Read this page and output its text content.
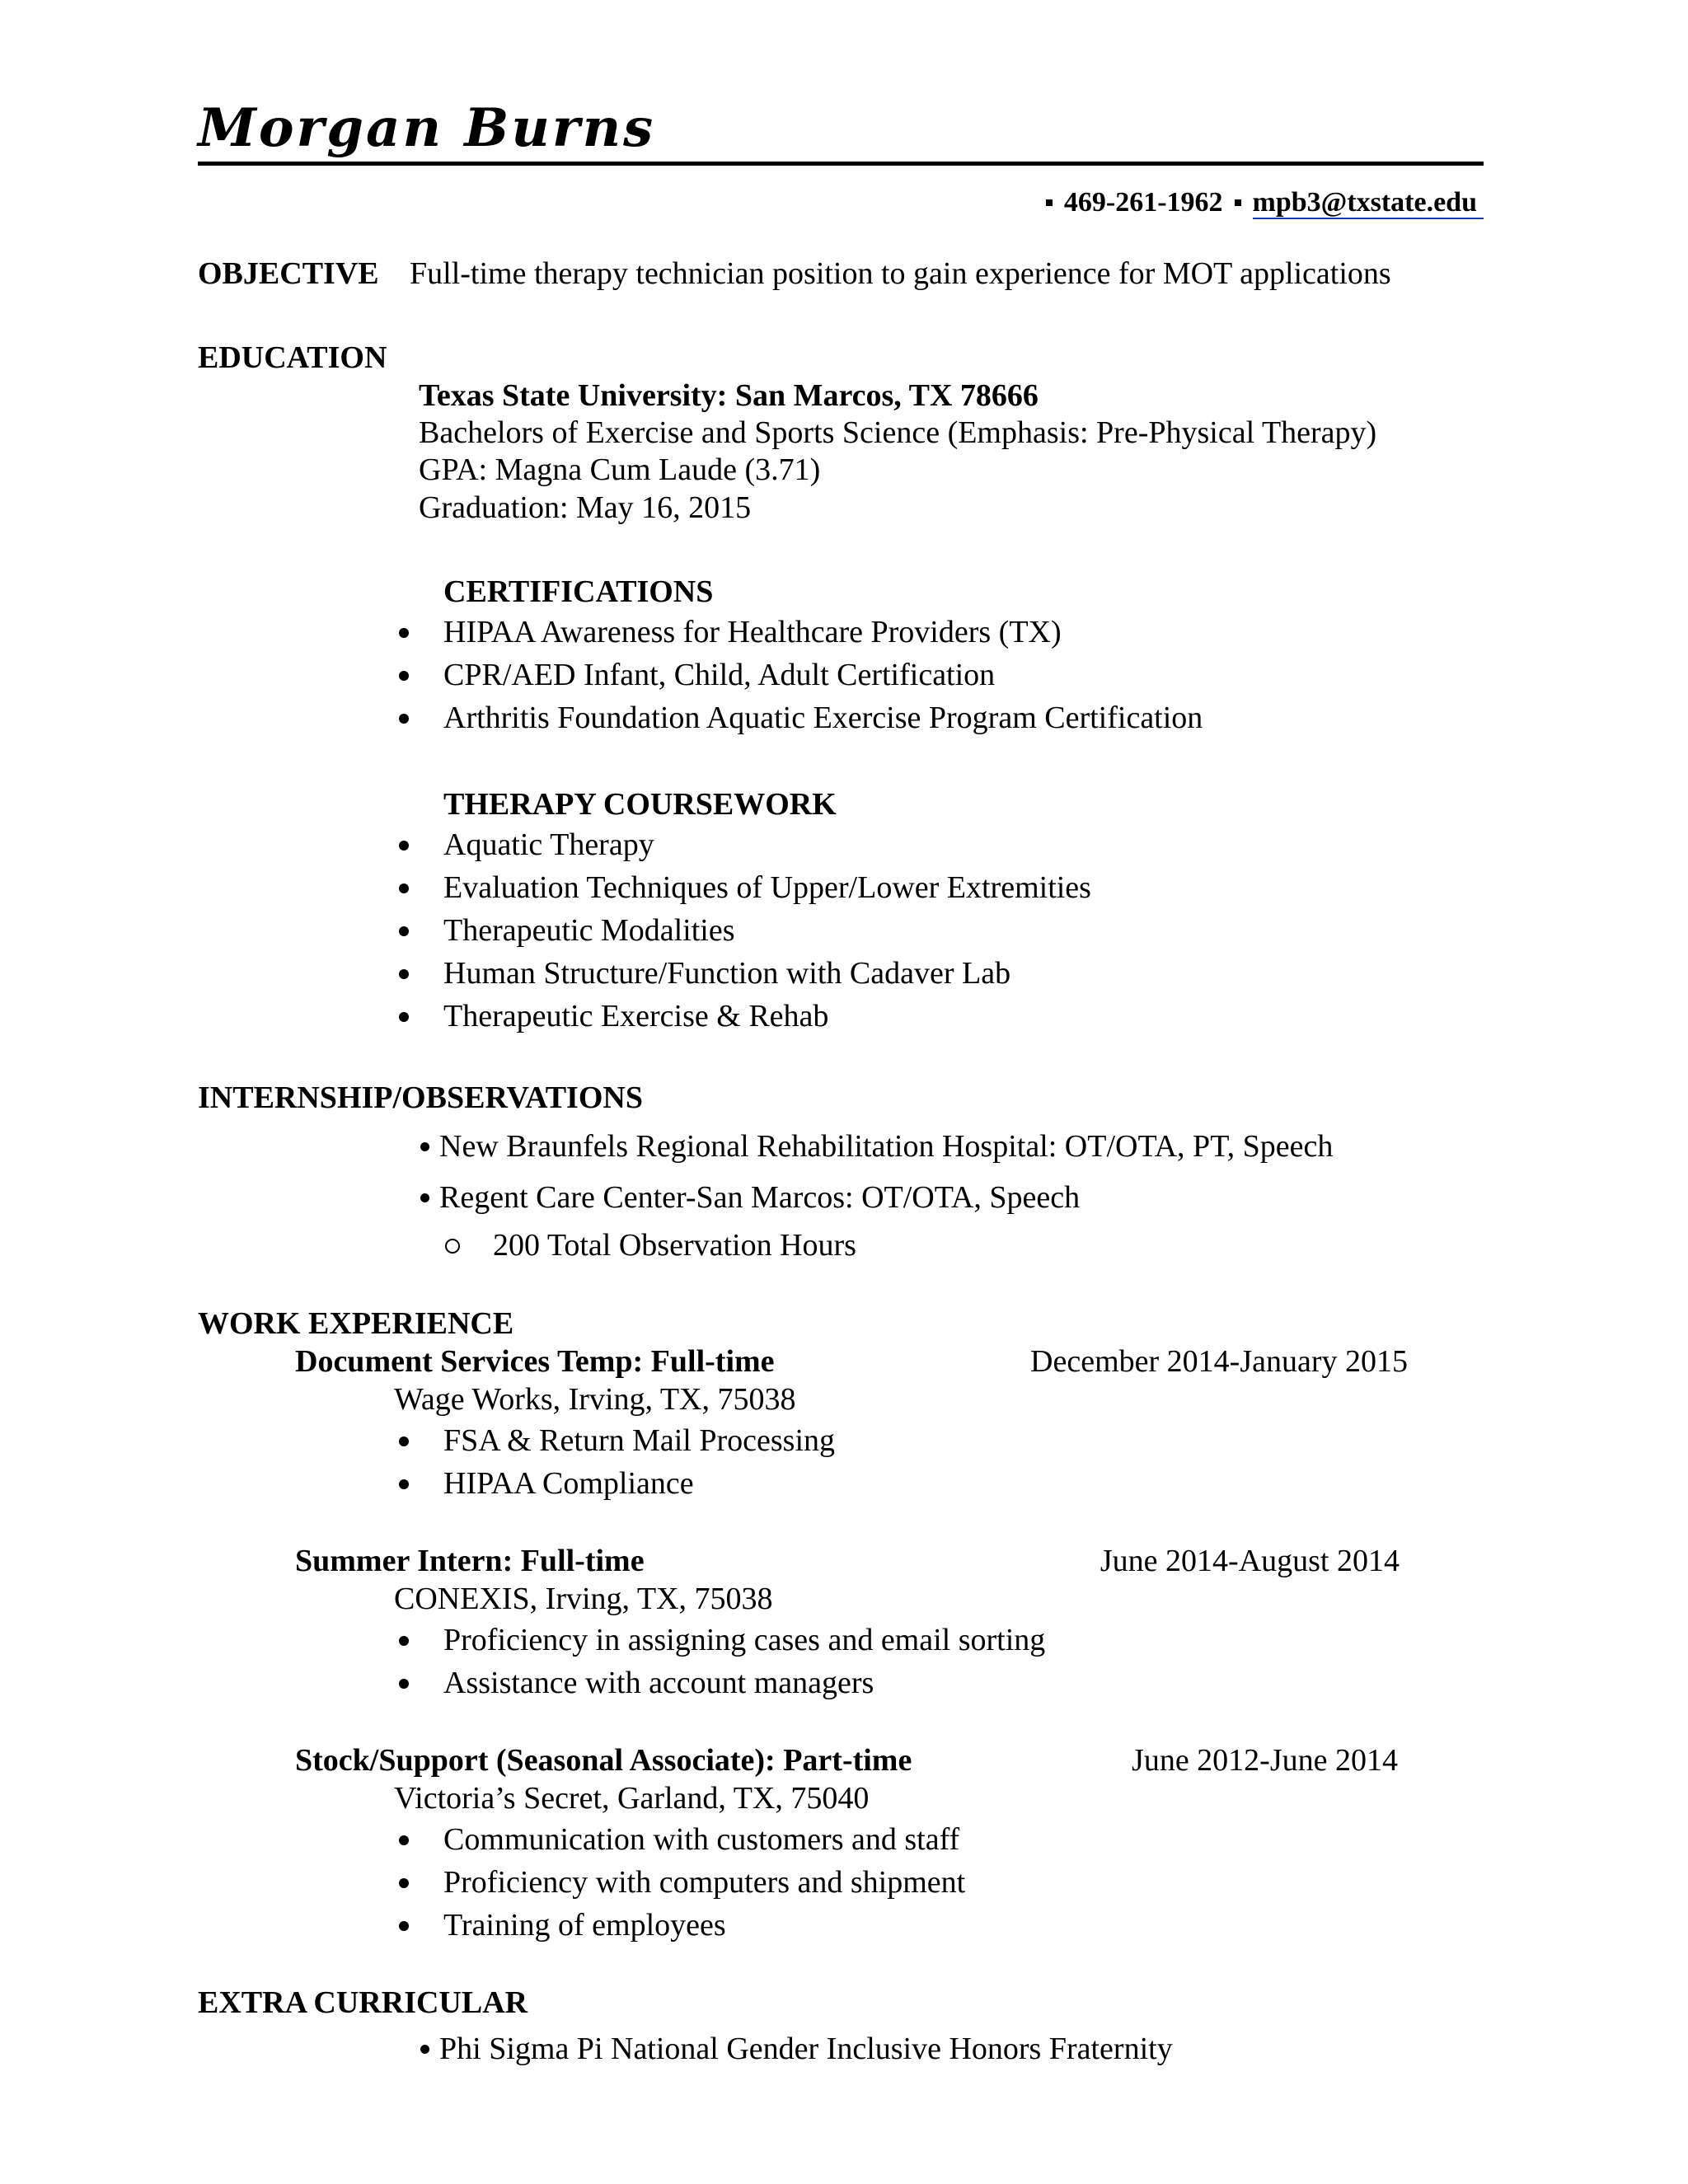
Morgan Burns
469-261-1962 mpb3@txstate.edu
OBJECTIVE Full-time therapy technician position to gain experience for MOT applications
EDUCATION
Texas State University: San Marcos, TX 78666
Bachelors of Exercise and Sports Science (Emphasis: Pre-Physical Therapy)
GPA: Magna Cum Laude (3.71)
Graduation: May 16, 2015
CERTIFICATIONS
HIPAA Awareness for Healthcare Providers (TX)
CPR/AED Infant, Child, Adult Certification
Arthritis Foundation Aquatic Exercise Program Certification
THERAPY COURSEWORK
Aquatic Therapy
Evaluation Techniques of Upper/Lower Extremities
Therapeutic Modalities
Human Structure/Function with Cadaver Lab
Therapeutic Exercise & Rehab
INTERNSHIP/OBSERVATIONS
New Braunfels Regional Rehabilitation Hospital: OT/OTA, PT, Speech
Regent Care Center-San Marcos: OT/OTA, Speech
200 Total Observation Hours
WORK EXPERIENCE
Document Services Temp: Full-time	December 2014-January 2015
Wage Works, Irving, TX, 75038
FSA & Return Mail Processing
HIPAA Compliance
Summer Intern: Full-time	June 2014-August 2014
CONEXIS, Irving, TX, 75038
Proficiency in assigning cases and email sorting
Assistance with account managers
Stock/Support (Seasonal Associate): Part-time	June 2012-June 2014
Victoria’s Secret, Garland, TX, 75040
Communication with customers and staff
Proficiency with computers and shipment
Training of employees
EXTRA CURRICULAR
Phi Sigma Pi National Gender Inclusive Honors Fraternity
